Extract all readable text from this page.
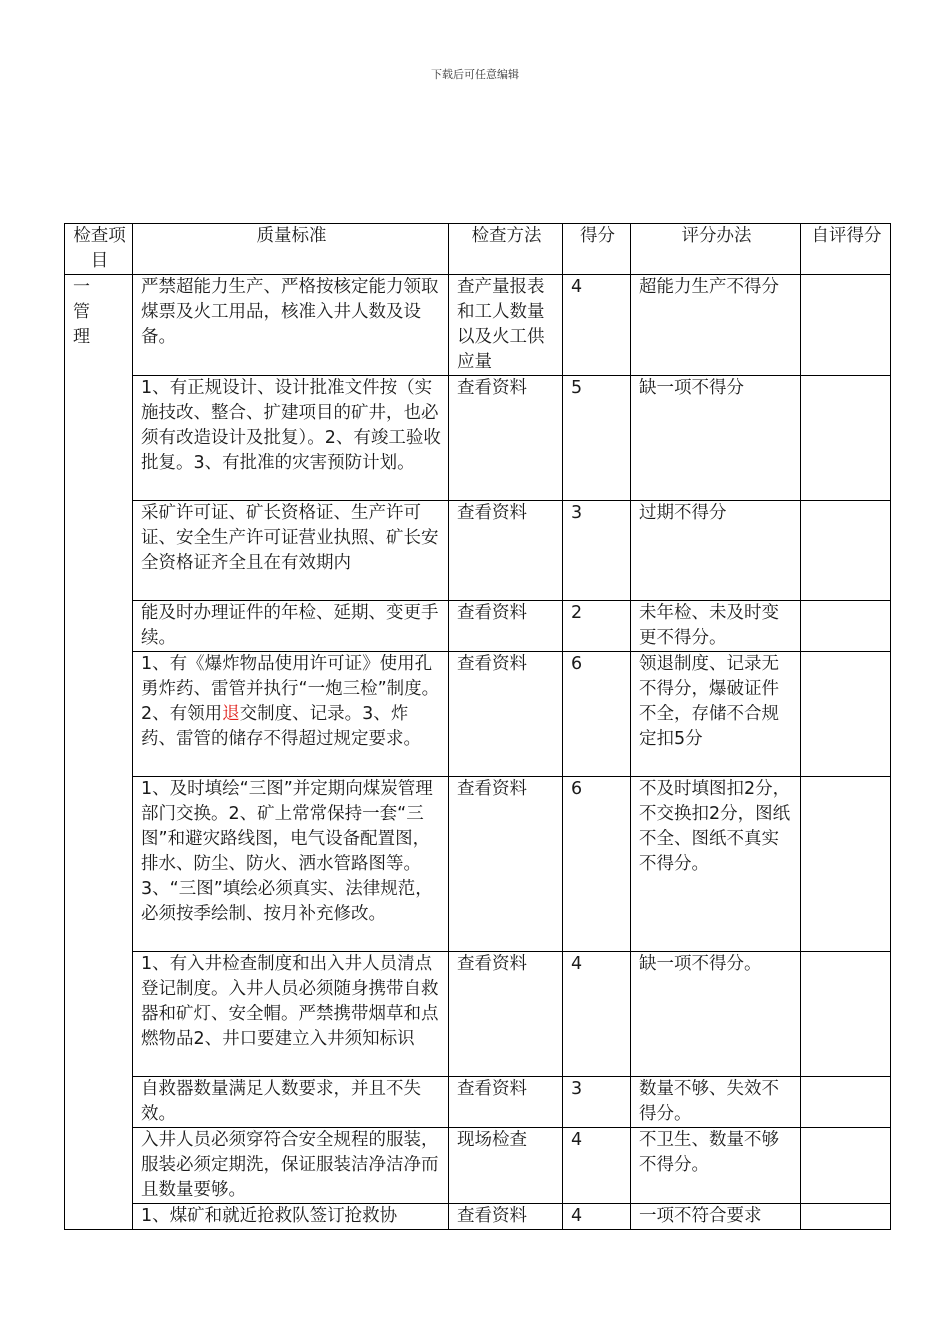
下载后可任意编辑
检查项目	质量标准	检查方法	得分	评分办法	自评得分
一管理	严禁超能力生产、严格按核定能力领取煤票及火工用品，核准入井人数及设备。	查产量报表和工人数量以及火工供应量	4	超能力生产不得分	
	1、有正规设计、设计批准文件按（实施技改、整合、扩建项目的矿井，也必须有改造设计及批复）。2、有竣工验收批复。3、有批准的灾害预防计划。	查看资料	5	缺一项不得分	
	采矿许可证、矿长资格证、生产许可证、安全生产许可证营业执照、矿长安全资格证齐全且在有效期内	查看资料	3	过期不得分	
	能及时办理证件的年检、延期、变更手续。	查看资料	2	未年检、未及时变更不得分。	
	1、有《爆炸物品使用许可证》使用孔勇炸药、雷管并执行“一炮三检”制度。2、有领用退交制度、记录。3、炸药、雷管的储存不得超过规定要求。	查看资料	6	领退制度、记录无不得分，爆破证件不全，存储不合规定扣5分	
	1、及时填绘“三图”并定期向煤炭管理部门交换。2、矿上常常保持一套“三图”和避灾路线图，电气设备配置图，排水、防尘、防火、洒水管路图等。3、“三图”填绘必须真实、法律规范，必须按季绘制、按月补充修改。	查看资料	6	不及时填图扣2分，不交换扣2分，图纸不全、图纸不真实不得分。	
	1、有入井检查制度和出入井人员清点登记制度。入井人员必须随身携带自救器和矿灯、安全帽。严禁携带烟草和点燃物品2、井口要建立入井须知标识	查看资料	4	缺一项不得分。	
	自救器数量满足人数要求，并且不失效。	查看资料	3	数量不够、失效不得分。	
	入井人员必须穿符合安全规程的服装，服装必须定期洗，保证服装洁净洁净而且数量要够。	现场检查	4	不卫生、数量不够不得分。	
	1、煤矿和就近抢救队签订抢救协	查看资料	4	一项不符合要求	
